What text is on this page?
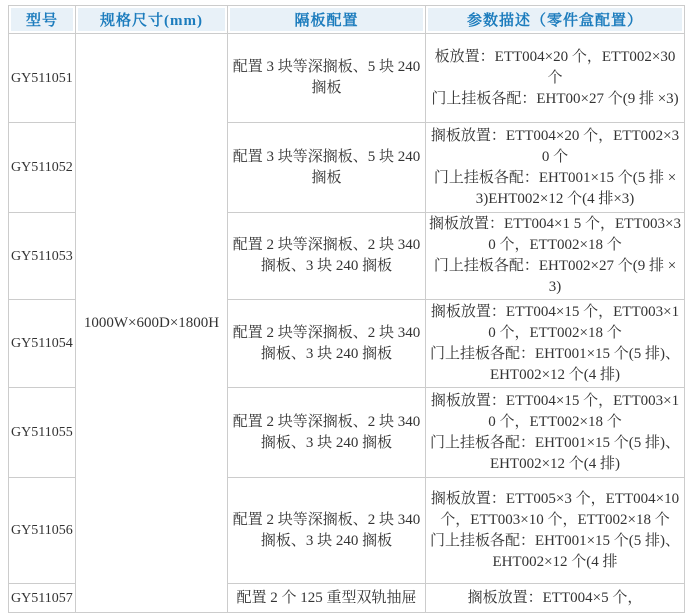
型号	规格尺寸(mm)	隔板配置	参数描述（零件盒配置）
GY511051	1000W×600D×1800H	配置 3 块等深搁板、5 块 240 搁板	板放置：ETT004×20 个，ETT002×30 个
门上挂板各配：EHT00×27 个(9 排 ×3)

GY511052		配置 3 块等深搁板、5 块 240 搁板	搁板放置：ETT004×20 个，ETT002×30 个
门上挂板各配：EHT001×15 个(5 排 × 3)EHT002×12 个(4 排×3)

GY511053		配置 2 块等深搁板、2 块 340 搁板、3 块 240 搁板	搁板放置：ETT004×1 5 个，ETT003×30 个，ETT002×18 个
门上挂板各配：EHT002×27 个(9 排 × 3)

GY511054		配置 2 块等深搁板、2 块 340 搁板、3 块 240 搁板	搁板放置：ETT004×15 个，ETT003×10 个，ETT002×18 个
门上挂板各配：EHT001×15 个(5 排)、EHT002×12 个(4 排)

GY511055		配置 2 块等深搁板、2 块 340 搁板、3 块 240 搁板	搁板放置：ETT004×15 个，ETT003×10 个，ETT002×18 个
门上挂板各配：EHT001×15 个(5 排)、EHT002×12 个(4 排)

GY511056		配置 2 块等深搁板、2 块 340 搁板、3 块 240 搁板	搁板放置：ETT005×3 个，ETT004×10 个，ETT003×10 个，ETT002×18 个
门上挂板各配：EHT001×15 个(5 排)、EHT002×12 个(4 排

GY511057		配置 2 个 125 重型双轨抽屉	搁板放置：ETT004×5 个，
